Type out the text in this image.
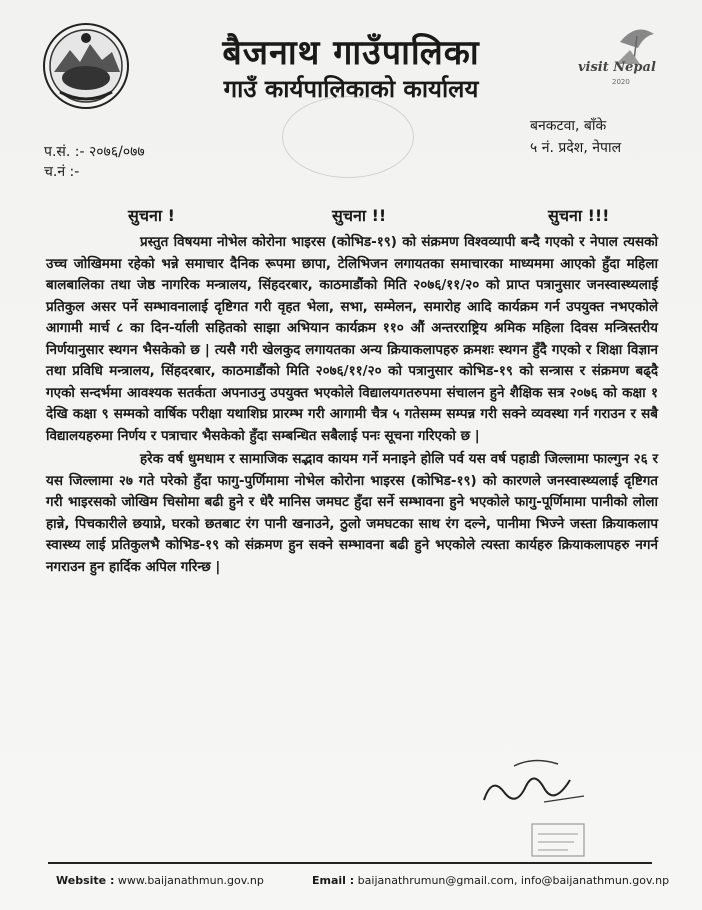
बैजनाथ गाउँपालिका
गाउँ कार्यपालिकाको कार्यालय
visit Nepal
2020
बनकटवा, बाँके
५ नं. प्रदेश, नेपाल
प.सं. :- २०७६/०७७
च.नं :-
सुचना !	सुचना !!	सुचना !!!

प्रस्तुत विषयमा नोभेल कोरोना भाइरस (कोभिड-१९) को संक्रमण विश्वव्यापी बन्दै गएको र नेपाल त्यसको उच्च जोखिममा रहेको भन्ने समाचार दैनिक रूपमा छापा, टेलिभिजन लगायतका समाचारका माध्यममा आएको हुँदा महिला बालबालिका तथा जेष्ठ नागरिक मन्त्रालय, सिंहदरबार, काठमाडौंको मिति २०७६/११/२० को प्राप्त पत्रानुसार जनस्वास्थ्यलाई प्रतिकुल असर पर्ने सम्भावनालाई दृष्टिगत गरी वृहत भेला, सभा, सम्मेलन, समारोह आदि कार्यक्रम गर्न उपयुक्त नभएकोले आगामी मार्च ८ का दिन-र्याली सहितको साझा अभियान कार्यक्रम ११० औं अन्तरराष्ट्रिय श्रमिक महिला दिवस मन्त्रिस्तरीय निर्णयानुसार स्थगन भैसकेको छ | त्यसै गरी खेलकुद लगायतका अन्य क्रियाकलापहरु क्रमशः स्थगन हुँदै गएको र शिक्षा विज्ञान तथा प्रविधि मन्त्रालय, सिंहदरबार, काठमाडौंको मिति २०७६/११/२० को पत्रानुसार कोभिड-१९ को सन्त्रास र संक्रमण बढ्दै गएको सन्दर्भमा आवश्यक सतर्कता अपनाउनु उपयुक्त भएकोले विद्यालयगतरुपमा संचालन हुने शैक्षिक सत्र २०७६ को कक्षा १ देखि कक्षा ९ सम्मको वार्षिक परीक्षा यथाशिघ्र प्रारम्भ गरी आगामी चैत्र ५ गतेसम्म सम्पन्न गरी सक्ने व्यवस्था गर्न गराउन र सबै विद्यालयहरुमा निर्णय र पत्राचार भैसकेको हुँदा सम्बन्धित सबैलाई पनः सूचना गरिएको छ |

हरेक वर्ष धुमधाम र सामाजिक सद्भाव कायम गर्ने मनाइने होलि पर्व यस वर्ष पहाडी जिल्लामा फाल्गुन २६ र यस जिल्लामा २७ गते परेको हुँदा फागु-पुर्णिमामा नोभेल कोरोना भाइरस (कोभिड-१९) को कारणले जनस्वास्थ्यलाई दृष्टिगत गरी भाइरसको जोखिम चिसोमा बढी हुने र धेरै मानिस जमघट हुँदा सर्ने सम्भावना हुने भएकोले फागु-पूर्णिमामा पानीको लोला हान्ने, पिचकारीले छयाप्ने, घरको छतबाट रंग पानी खनाउने, ठुलो जमघटका साथ रंग दल्ने, पानीमा भिज्ने जस्ता क्रियाकलाप स्वास्थ्य लाई प्रतिकुलभै कोभिड-१९ को संक्रमण हुन सक्ने सम्भावना बढी हुने भएकोले त्यस्ता कार्यहरु क्रियाकलापहरु नगर्न नगराउन हुन हार्दिक अपिल गरिन्छ |

Website : www.baijanathmun.gov.np	Email : baijanathrumun@gmail.com, info@baijanathmun.gov.np
